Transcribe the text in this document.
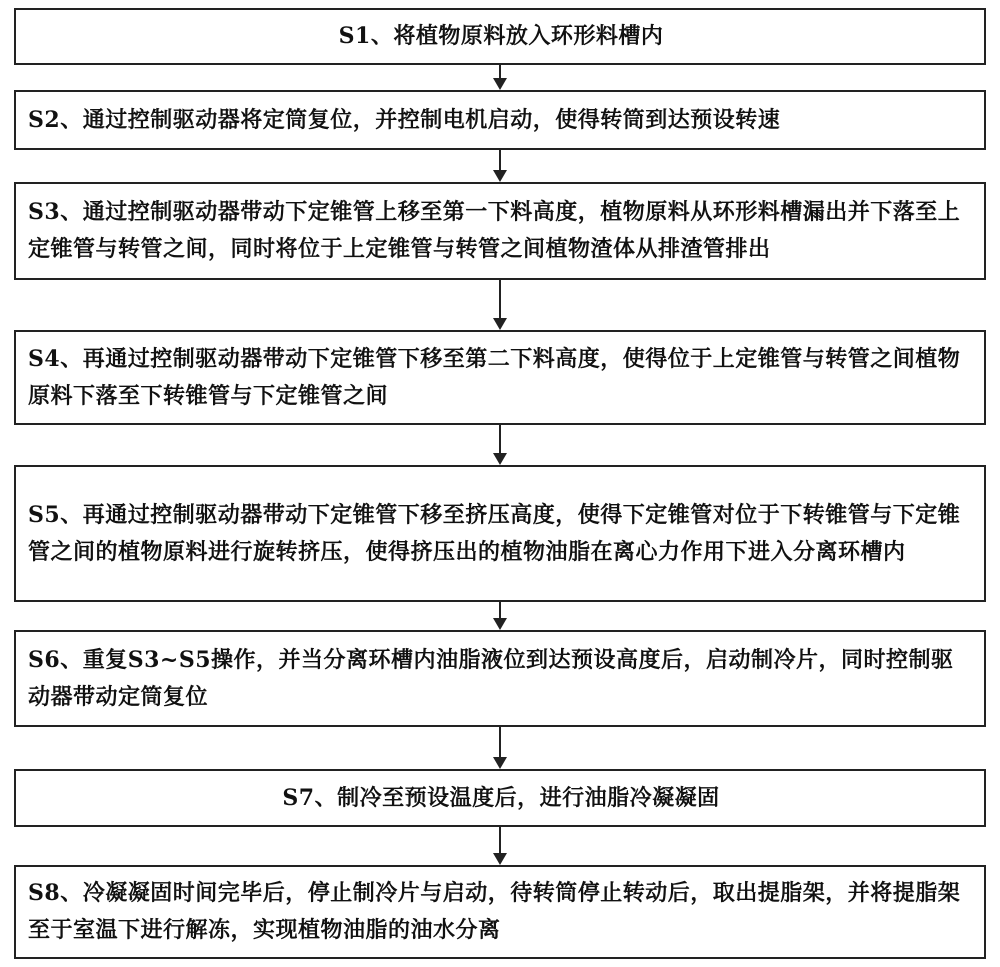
S1、将植物原料放入环形料槽内
S2、通过控制驱动器将定筒复位，并控制电机启动，使得转筒到达预设转速
S3、通过控制驱动器带动下定锥管上移至第一下料高度，植物原料从环形料槽漏出并下落至上定锥管与转管之间，同时将位于上定锥管与转管之间植物渣体从排渣管排出
S4、再通过控制驱动器带动下定锥管下移至第二下料高度，使得位于上定锥管与转管之间植物原料下落至下转锥管与下定锥管之间
S5、再通过控制驱动器带动下定锥管下移至挤压高度，使得下定锥管对位于下转锥管与下定锥管之间的植物原料进行旋转挤压，使得挤压出的植物油脂在离心力作用下进入分离环槽内
S6、重复S3~S5操作，并当分离环槽内油脂液位到达预设高度后，启动制冷片，同时控制驱动器带动定筒复位
S7、制冷至预设温度后，进行油脂冷凝凝固
S8、冷凝凝固时间完毕后，停止制冷片与启动，待转筒停止转动后，取出提脂架，并将提脂架至于室温下进行解冻，实现植物油脂的油水分离
